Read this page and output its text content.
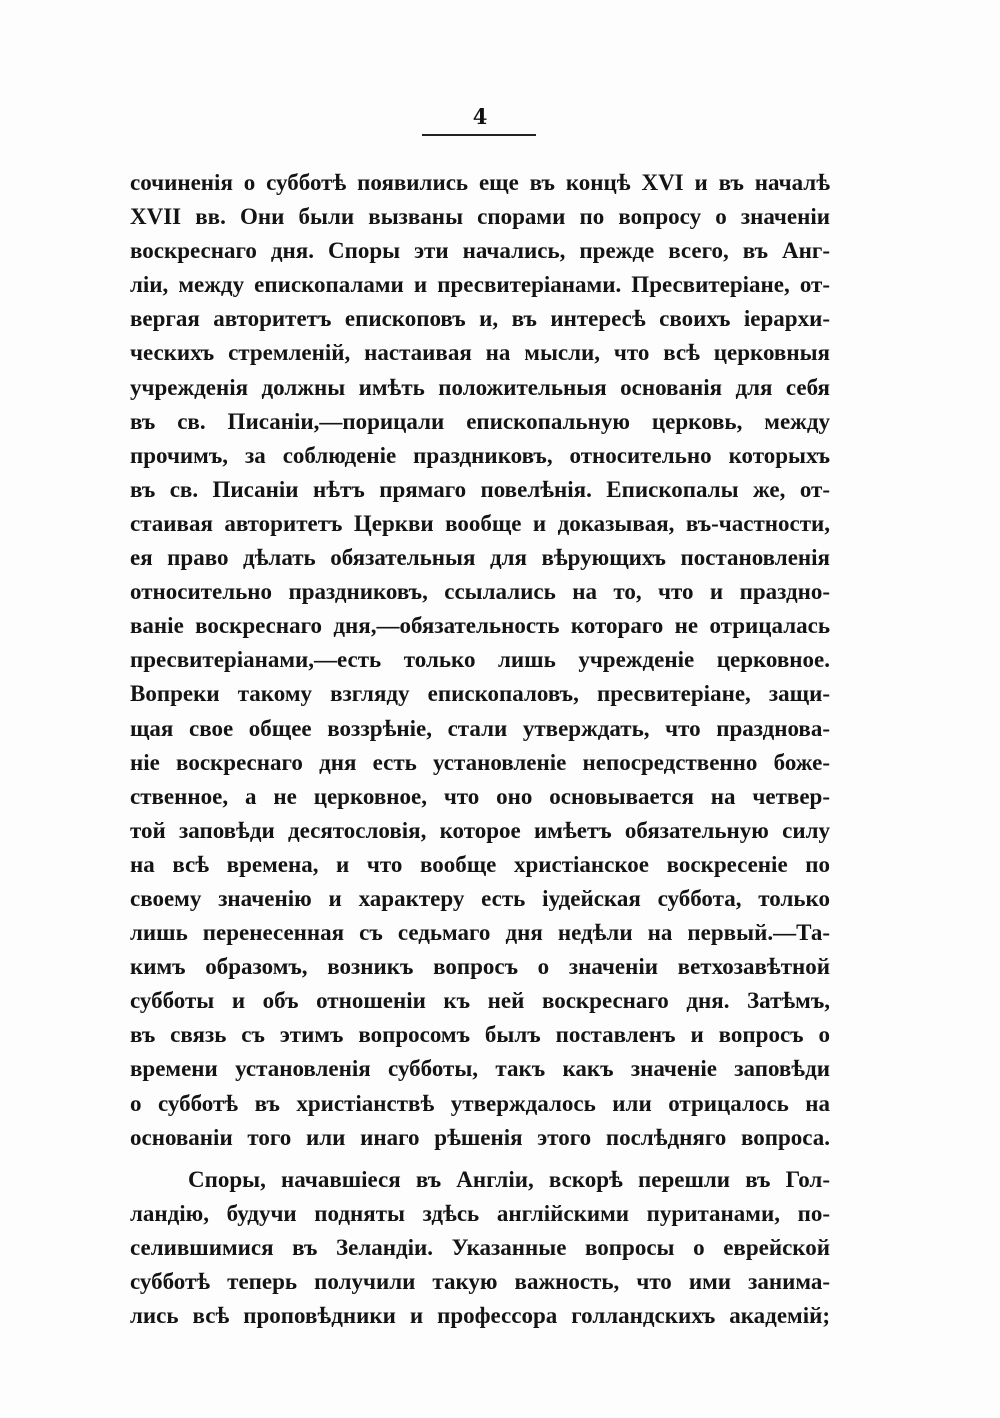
4
сочиненія о субботѣ появились еще въ концѣ XVI и въ началѣ
XVII вв. Они были вызваны спорами по вопросу о значеніи
воскреснаго дня. Споры эти начались, прежде всего, въ Анг-
ліи, между епископалами и пресвитеріанами. Пресвитеріане, от-
вергая авторитетъ епископовъ и, въ интересѣ своихъ іерархи-
ческихъ стремленій, настаивая на мысли, что всѣ церковныя
учрежденія должны имѣть положительныя основанія для себя
въ св. Писаніи,—порицали епископальную церковь, между
прочимъ, за соблюденіе праздниковъ, относительно которыхъ
въ св. Писаніи нѣтъ прямаго повелѣнія. Епископалы же, от-
стаивая авторитетъ Церкви вообще и доказывая, въ-частности,
ея право дѣлать обязательныя для вѣрующихъ постановленія
относительно праздниковъ, ссылались на то, что и праздно-
ваніе воскреснаго дня,—обязательность котораго не отрицалась
пресвитеріанами,—есть только лишь учрежденіе церковное.
Вопреки такому взгляду епископаловъ, пресвитеріане, защи-
щая свое общее воззрѣніе, стали утверждать, что празднова-
ніе воскреснаго дня есть установленіе непосредственно боже-
ственное, а не церковное, что оно основывается на четвер-
той заповѣди десятословія, которое имѣетъ обязательную силу
на всѣ времена, и что вообще христіанское воскресеніе по
своему значенію и характеру есть іудейская суббота, только
лишь перенесенная съ седьмаго дня недѣли на первый.—Та-
кимъ образомъ, возникъ вопросъ о значеніи ветхозавѣтной
субботы и объ отношеніи къ ней воскреснаго дня. Затѣмъ,
въ связь съ этимъ вопросомъ былъ поставленъ и вопросъ о
времени установленія субботы, такъ какъ значеніе заповѣди
о субботѣ въ христіанствѣ утверждалось или отрицалось на
основаніи того или инаго рѣшенія этого послѣдняго вопроса.
Споры, начавшіеся въ Англіи, вскорѣ перешли въ Гол-
ландію, будучи подняты здѣсь англійскими пуританами, по-
селившимися въ Зеландіи. Указанные вопросы о еврейской
субботѣ теперь получили такую важность, что ими занима-
лись всѣ проповѣдники и профессора голландскихъ академій;
